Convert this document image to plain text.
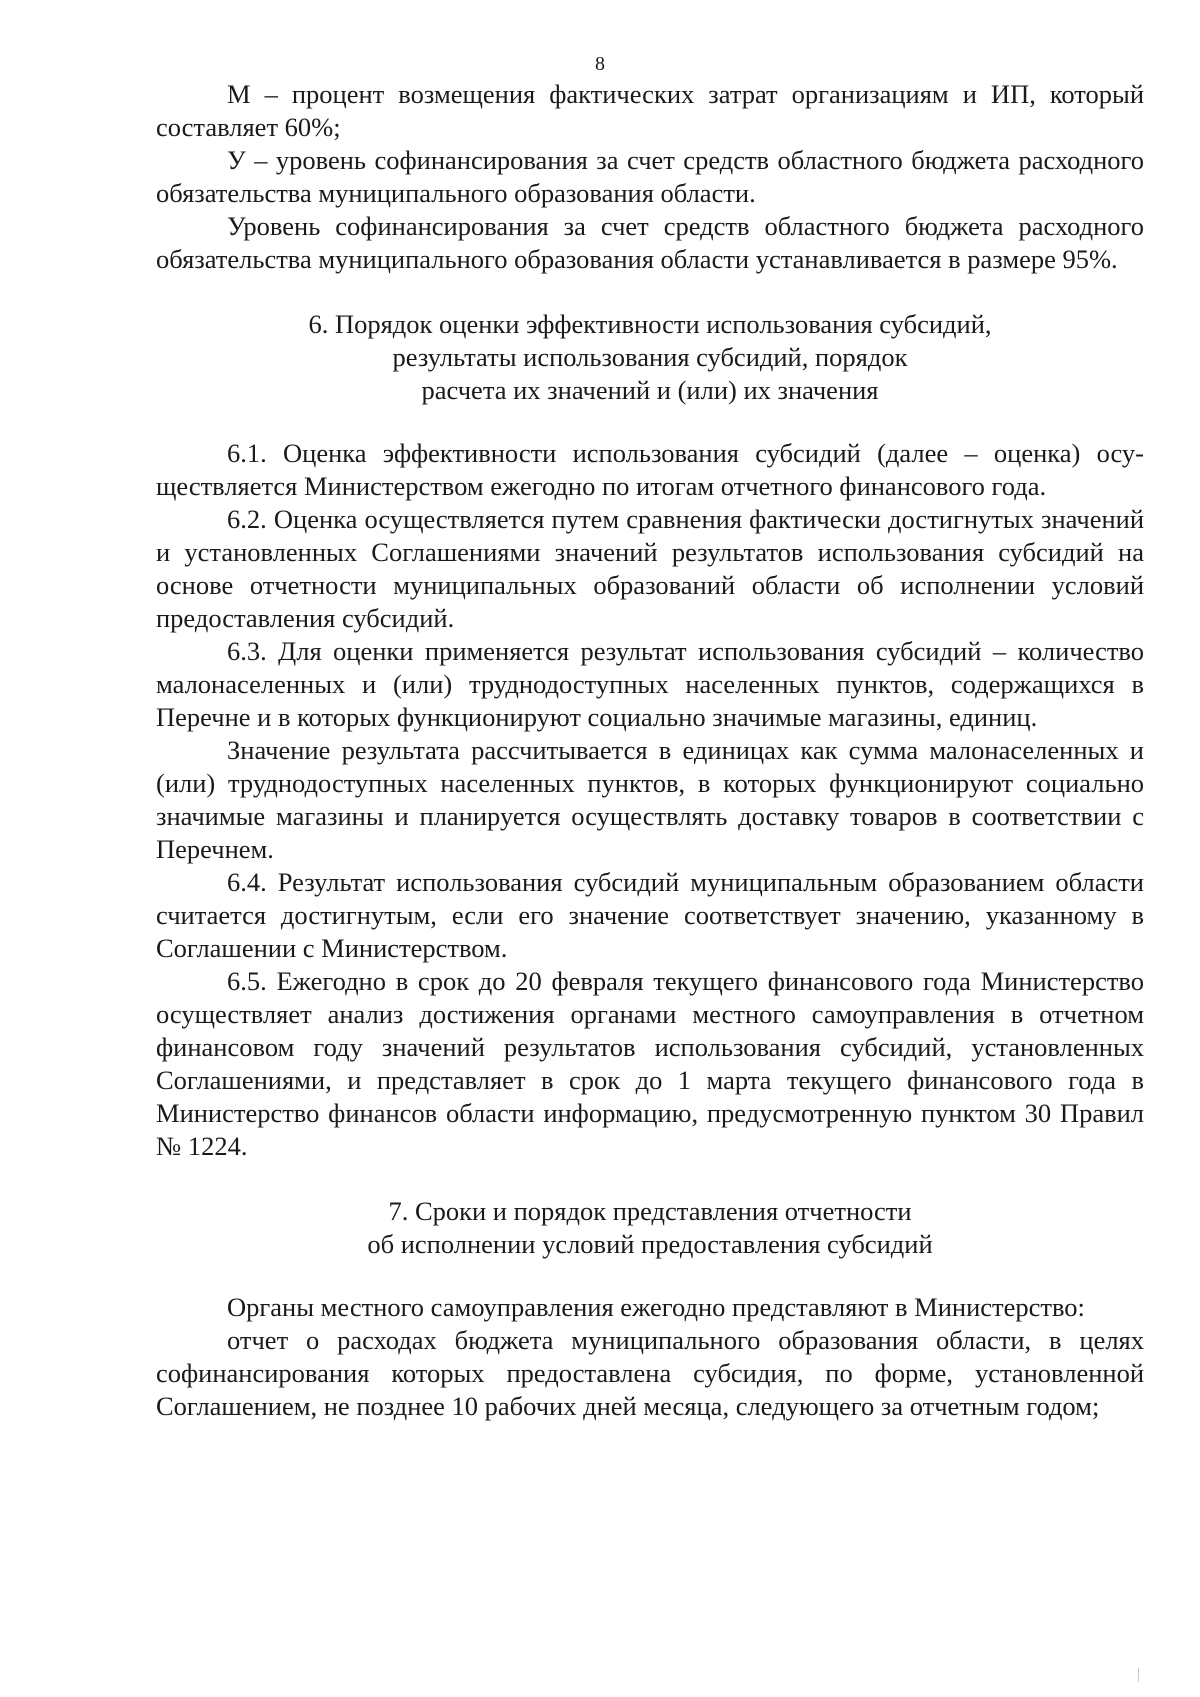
8

М – процент возмещения фактических затрат организациям и ИП, который составляет 60%;

У – уровень софинансирования за счет средств областного бюджета расходного обязательства муниципального образования области.

Уровень софинансирования за счет средств областного бюджета расходного обязательства муниципального образования области устанавливается в размере 95%.

6. Порядок оценки эффективности использования субсидий,
результаты использования субсидий, порядок
расчета их значений и (или) их значения

6.1. Оценка эффективности использования субсидий (далее – оценка) осуществляется Министерством ежегодно по итогам отчетного финансового года.

6.2. Оценка осуществляется путем сравнения фактически достигнутых значений и установленных Соглашениями значений результатов использования субсидий на основе отчетности муниципальных образований области об исполнении условий предоставления субсидий.

6.3. Для оценки применяется результат использования субсидий – количество малонаселенных и (или) труднодоступных населенных пунктов, содержащихся в Перечне и в которых функционируют социально значимые магазины, единиц.

Значение результата рассчитывается в единицах как сумма малонаселенных и (или) труднодоступных населенных пунктов, в которых функционируют социально значимые магазины и планируется осуществлять доставку товаров в соответствии с Перечнем.

6.4. Результат использования субсидий муниципальным образованием области считается достигнутым, если его значение соответствует значению, указанному в Соглашении с Министерством.

6.5. Ежегодно в срок до 20 февраля текущего финансового года Министерство осуществляет анализ достижения органами местного самоуправления в отчетном финансовом году значений результатов использования субсидий, установленных Соглашениями, и представляет в срок до 1 марта текущего финансового года в Министерство финансов области информацию, предусмотренную пунктом 30 Правил № 1224.

7. Сроки и порядок представления отчетности
об исполнении условий предоставления субсидий

Органы местного самоуправления ежегодно представляют в Министерство:

отчет о расходах бюджета муниципального образования области, в целях софинансирования которых предоставлена субсидия, по форме, установленной Соглашением, не позднее 10 рабочих дней месяца, следующего за отчетным годом;
